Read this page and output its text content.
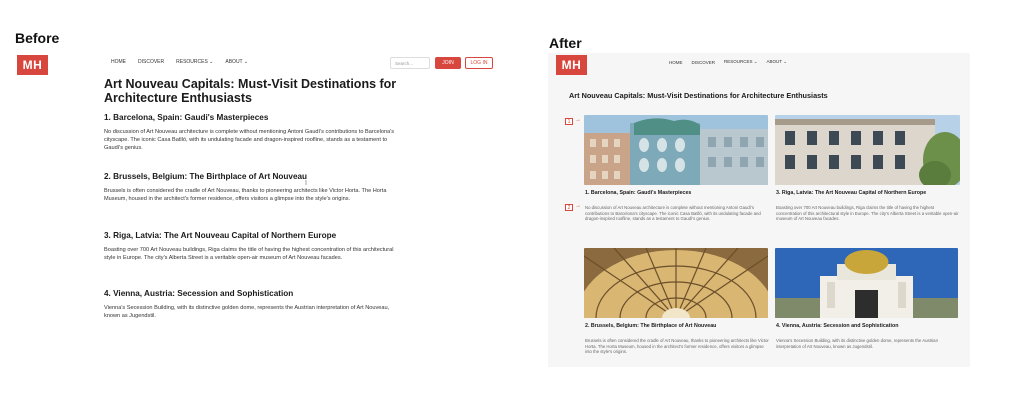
Before
MH	HOME DISCOVER RESOURCES ⌄ ABOUT ⌄	Search...	JOIN	LOG IN
Art Nouveau Capitals: Must-Visit Destinations for Architecture Enthusiasts
1. Barcelona, Spain: Gaudi's Masterpieces
No discussion of Art Nouveau architecture is complete without mentioning Antoni Gaudí's contributions to Barcelona's cityscape. The iconic Casa Batlló, with its undulating facade and dragon-inspired roofline, stands as a testament to Gaudí's genius.
2. Brussels, Belgium: The Birthplace of Art Nouveau
Brussels is often considered the cradle of Art Nouveau, thanks to pioneering architects like Victor Horta. The Horta Museum, housed in the architect's former residence, offers visitors a glimpse into the style's origins.
I
3. Riga, Latvia: The Art Nouveau Capital of Northern Europe
Boasting over 700 Art Nouveau buildings, Riga claims the title of having the highest concentration of this architectural style in Europe. The city's Alberta Street is a veritable open-air museum of Art Nouveau facades.
4. Vienna, Austria: Secession and Sophistication
Vienna's Secession Building, with its distinctive golden dome, represents the Austrian interpretation of Art Nouveau, known as Jugendstil.
After
MH	HOME DISCOVER RESOURCES ⌄ ABOUT ⌄
Art Nouveau Capitals: Must-Visit Destinations for Architecture Enthusiasts
1. Barcelona, Spain: Gaudi's Masterpieces
No discussion of Art Nouveau architecture is complete without mentioning Antoni Gaudí's contributions to Barcelona's cityscape. The iconic Casa Batlló, with its undulating facade and dragon-inspired roofline, stands as a testament to Gaudí's genius.
3. Riga, Latvia: The Art Nouveau Capital of Northern Europe
Boasting over 700 Art Nouveau buildings, Riga claims the title of having the highest concentration of this architectural style in Europe. The city's Alberta Street is a veritable open-air museum of Art Nouveau facades.
2. Brussels, Belgium: The Birthplace of Art Nouveau
Brussels is often considered the cradle of Art Nouveau, thanks to pioneering architects like Victor Horta. The Horta Museum, housed in the architect's former residence, offers visitors a glimpse into the style's origins.
4. Vienna, Austria: Secession and Sophistication
Vienna's Secession Building, with its distinctive golden dome, represents the Austrian interpretation of Art Nouveau, known as Jugendstil.
1 →
2 →
